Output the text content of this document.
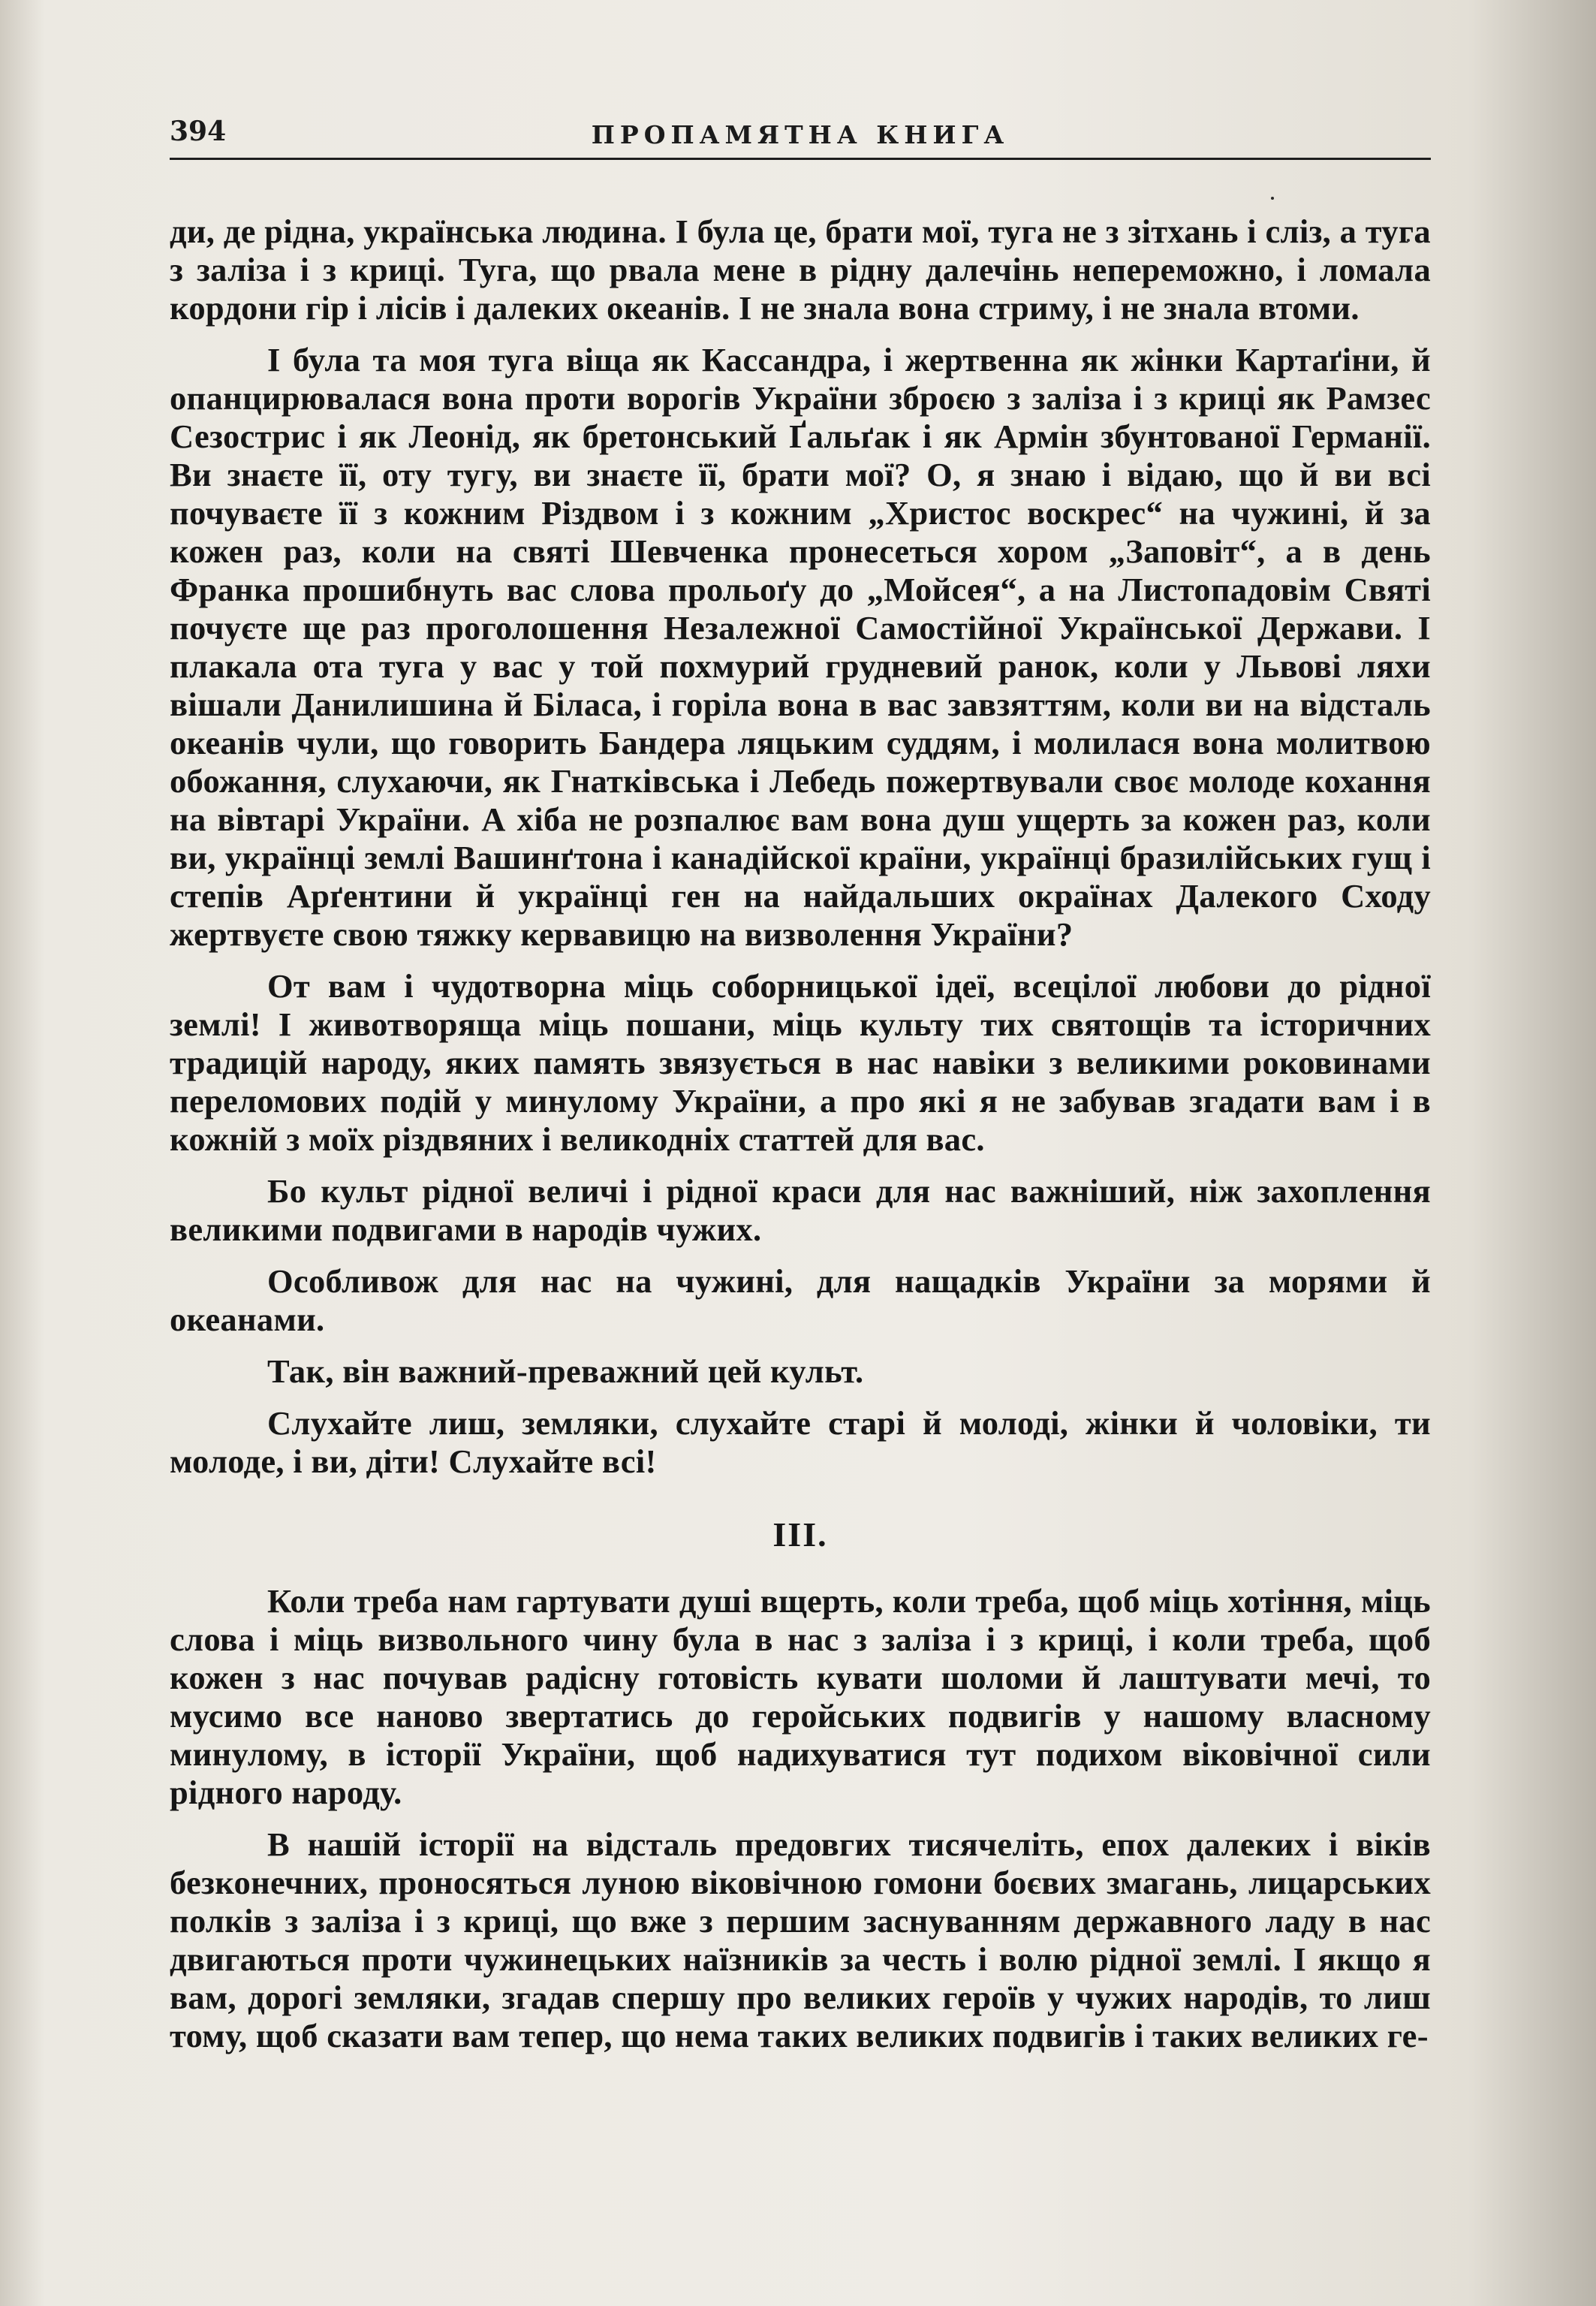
394	ПРОПАМЯТНА КНИГА

ди, де рідна, українська людина. І була це, брати мої, туга не з зітхань і сліз, а туга з заліза і з криці. Туга, що рвала мене в рідну далечінь непереможно, і ломала кордони гір і лісів і далеких океанів. І не знала вона стриму, і не знала втоми.

І була та моя туга віща як Кассандра, і жертвенна як жінки Картаґіни, й опанцирювалася вона проти ворогів України зброєю з заліза і з криці як Рамзес Сезострис і як Леонід, як бретонський Ґальґак і як Армін збунтованої Германії. Ви знаєте її, оту тугу, ви знаєте її, брати мої? О, я знаю і відаю, що й ви всі почуваєте її з кожним Різдвом і з кожним „Христос воскрес“ на чужині, й за кожен раз, коли на святі Шевченка пронесеться хором „Заповіт“, а в день Франка прошибнуть вас слова прольоґу до „Мойсея“, а на Листопадовім Святі почуєте ще раз проголошення Незалежної Самостійної Української Держави. І плакала ота туга у вас у той похмурий грудневий ранок, коли у Львові ляхи вішали Данилишина й Біласа, і горіла вона в вас завзяттям, коли ви на відсталь океанів чули, що говорить Бандера ляцьким суддям, і молилася вона молитвою обожання, слухаючи, як Гнатківська і Лебедь пожертвували своє молоде кохання на вівтарі України. А хіба не розпалює вам вона душ ущерть за кожен раз, коли ви, українці землі Вашинґтона і канадійскої країни, українці бразилійських гущ і степів Арґентини й українці ген на найдальших окраїнах Далекого Сходу жертвуєте свою тяжку кервавицю на визволення України?

От вам і чудотворна міць соборницької ідеї, всецілої любови до рідної землі! І животворяща міць пошани, міць культу тих святощів та історичних традицій народу, яких память звязується в нас навіки з великими роковинами переломових подій у минулому України, а про які я не забував згадати вам і в кожній з моїх різдвяних і великодніх статтей для вас.

Бо культ рідної величі і рідної краси для нас важніший, ніж захоплення великими подвигами в народів чужих.

Особливож для нас на чужині, для нащадків України за морями й океанами.

Так, він важний-преважний цей культ.

Слухайте лиш, земляки, слухайте старі й молоді, жінки й чоловіки, ти молоде, і ви, діти! Слухайте всі!

III.

Коли треба нам гартувати душі вщерть, коли треба, щоб міць хотіння, міць слова і міць визвольного чину була в нас з заліза і з криці, і коли треба, щоб кожен з нас почував радісну готовість кувати шоломи й лаштувати мечі, то мусимо все наново звертатись до геройських подвигів у нашому власному минулому, в історії України, щоб надихуватися тут подихом віковічної сили рідного народу.

В нашій історії на відсталь предовгих тисячеліть, епох далеких і віків безконечних, проносяться луною віковічною гомони боєвих змагань, лицарських полків з заліза і з криці, що вже з першим заснуванням державного ладу в нас двигаються проти чужинецьких наїзників за честь і волю рідної землі. І якщо я вам, дорогі земляки, згадав спершу про великих героїв у чужих народів, то лиш тому, щоб сказати вам тепер, що нема таких великих подвигів і таких великих ге-
